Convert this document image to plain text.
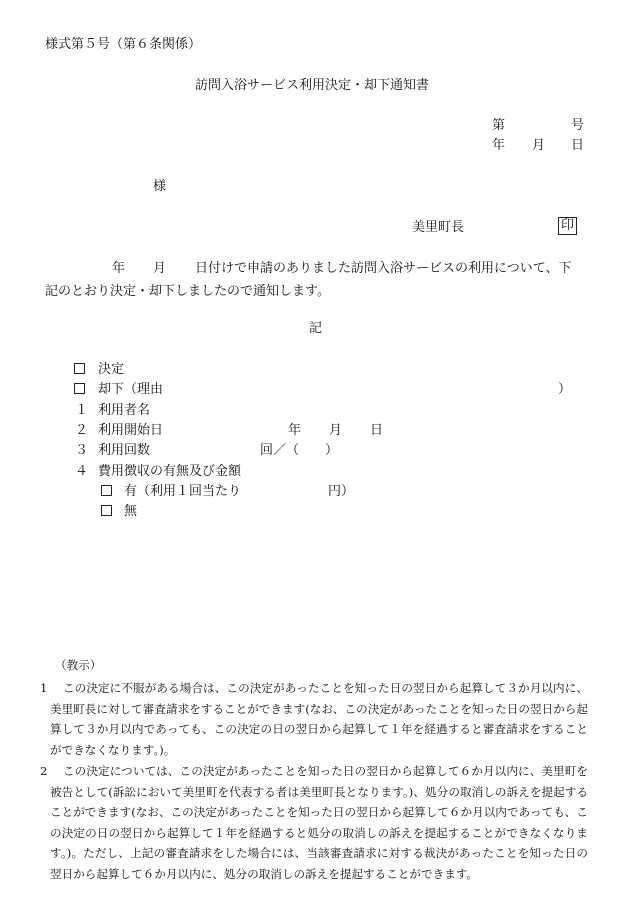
様式第５号（第６条関係）
訪問入浴サービス利用決定・却下通知書
第	号
年 月 日
様
美里町長	印
年 月 日付けで申請のありました訪問入浴サービスの利用について、下
記のとおり決定・却下しましたので通知します。
記
決定
却下（理由	）
１ 利用者名
２ 利用開始日	年 月 日
３ 利用回数	回／（　　）
４ 費用徴収の有無及び金額
有（利用１回当たり	円）
無
（教示）
1	この決定に不服がある場合は、この決定があったことを知った日の翌日から起算して３か月以内に、美里町長に対して審査請求をすることができます(なお、この決定があったことを知った日の翌日から起算して３か月以内であっても、この決定の日の翌日から起算して１年を経過すると審査請求をすることができなくなります。)。
2	この決定については、この決定があったことを知った日の翌日から起算して６か月以内に、美里町を被告として(訴訟において美里町を代表する者は美里町長となります。)、処分の取消しの訴えを提起することができます(なお、この決定があったことを知った日の翌日から起算して６か月以内であっても、この決定の日の翌日から起算して１年を経過すると処分の取消しの訴えを提起することができなくなります。)。ただし、上記の審査請求をした場合には、当該審査請求に対する裁決があったことを知った日の翌日から起算して６か月以内に、処分の取消しの訴えを提起することができます。
